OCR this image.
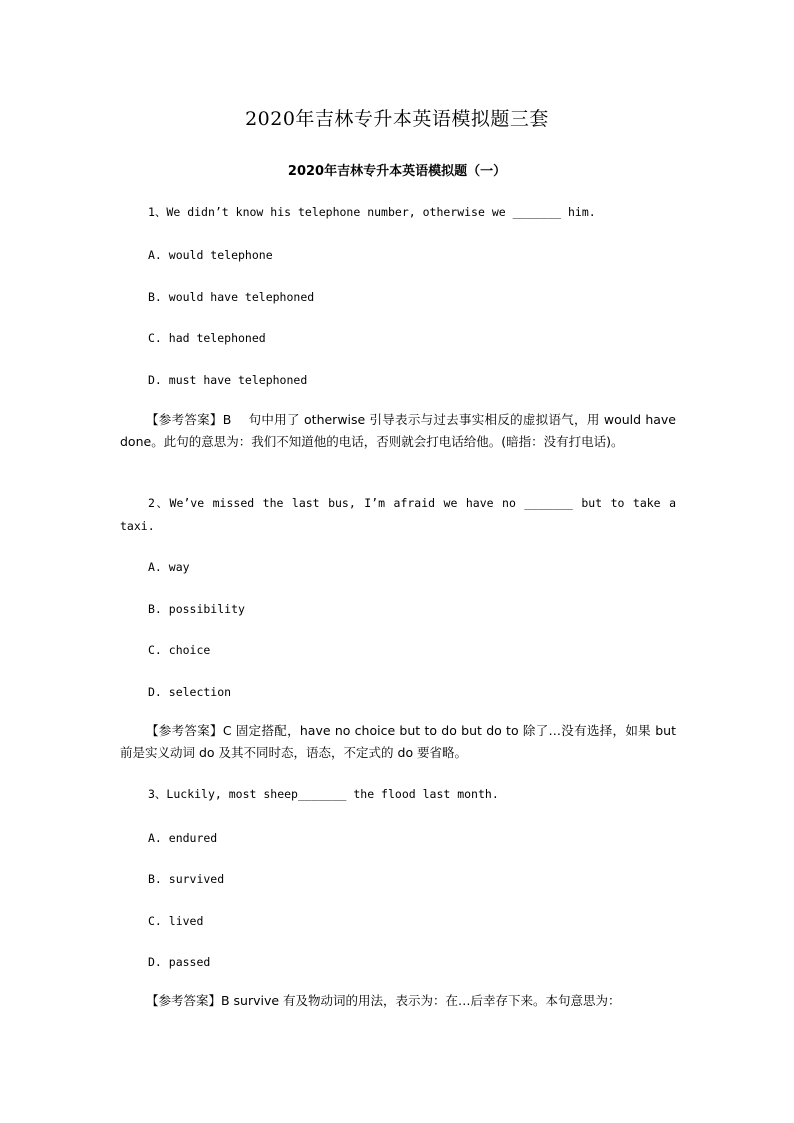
2020年吉林专升本英语模拟题三套
2020年吉林专升本英语模拟题（一）
1、We didn’t know his telephone number, otherwise we _______ him.
A. would telephone
B. would have telephoned
C. had telephoned
D. must have telephoned
【参考答案】B　 句中用了 otherwise 引导表示与过去事实相反的虚拟语气，用 would have　done。此句的意思为：我们不知道他的电话，否则就会打电话给他。(暗指：没有打电话)。
2、We’ve missed the last bus, I’m afraid we have no _______ but to take a taxi.
A. way
B. possibility
C. choice
D. selection
【参考答案】C 固定搭配，have no choice but to do but do to 除了…没有选择，如果 but 前是实义动词 do 及其不同时态，语态，不定式的 do 要省略。
3、Luckily, most sheep_______ the flood last month.
A. endured
B. survived
C. lived
D. passed
【参考答案】B survive 有及物动词的用法，表示为：在…后幸存下来。本句意思为：
